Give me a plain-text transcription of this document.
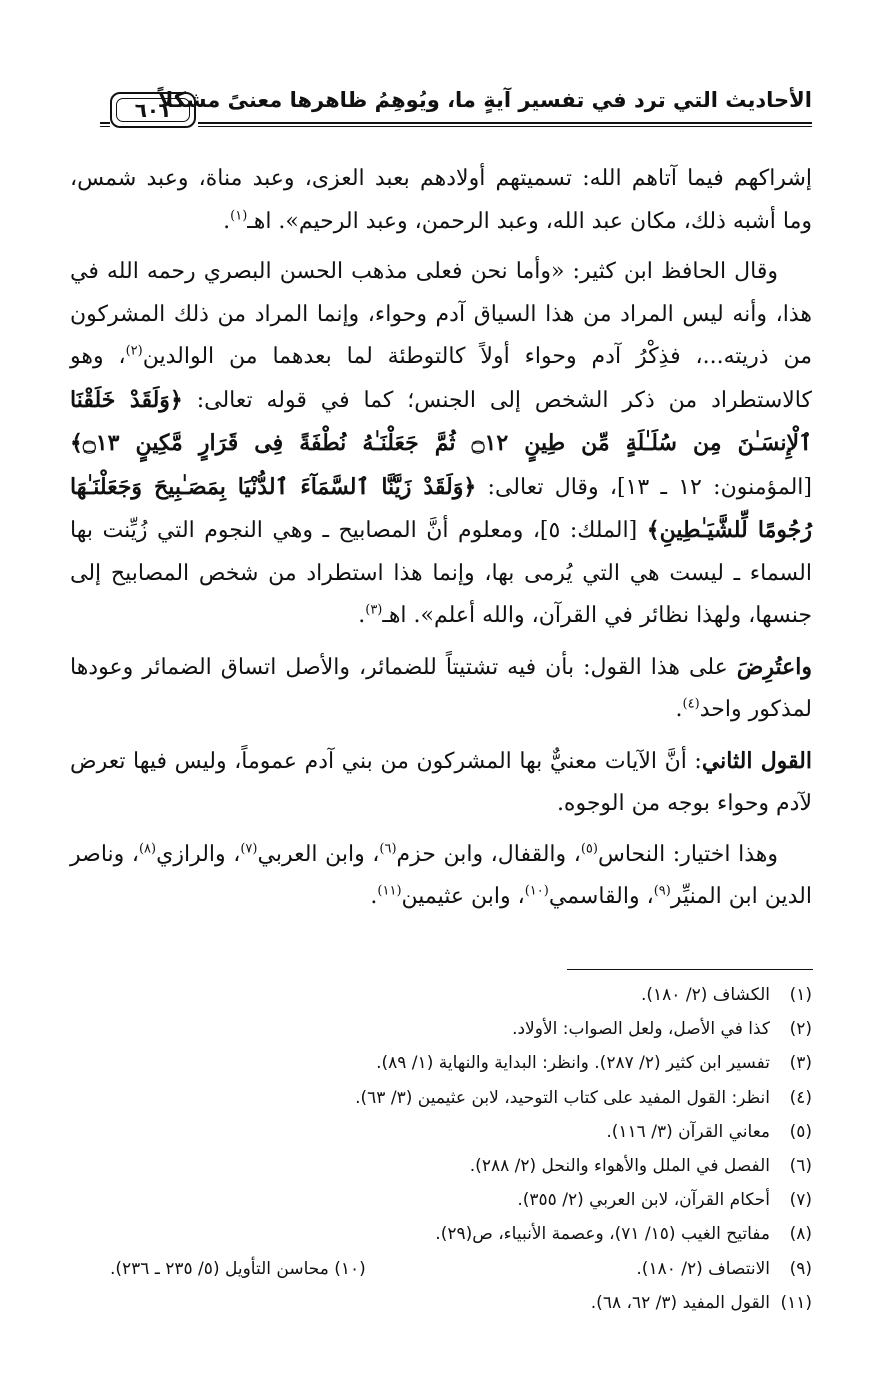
الأحاديث التي ترد في تفسير آيةٍ ما، ويُوهِمُ ظاهرها معنىً مشكلاً
٦٠١

إشراكهم فيما آتاهم الله: تسميتهم أولادهم بعبد العزى، وعبد مناة، وعبد شمس، وما أشبه ذلك، مكان عبد الله، وعبد الرحمن، وعبد الرحيم». اهـ$^{(١)}$.

وقال الحافظ ابن كثير: «وأما نحن فعلى مذهب الحسن البصري رحمه الله في هذا، وأنه ليس المراد من هذا السياق آدم وحواء، وإنما المراد من ذلك المشركون من ذريته...، فذِكْرُ آدم وحواء أولاً كالتوطئة لما بعدهما من الوالدين$^{(٢)}$، وهو كالاستطراد من ذكر الشخص إلى الجنس؛ كما في قوله تعالى: ﴿وَلَقَدْ خَلَقْنَا ٱلْإِنسَـٰنَ مِن سُلَـٰلَةٍ مِّن طِينٍ ۝١٢ ثُمَّ جَعَلْنَـٰهُ نُطْفَةً فِى قَرَارٍ مَّكِينٍ ۝١٣﴾ [المؤمنون: ١٢ ـ ١٣]، وقال تعالى: ﴿وَلَقَدْ زَيَّنَّا ٱلسَّمَآءَ ٱلدُّنْيَا بِمَصَـٰبِيحَ وَجَعَلْنَـٰهَا رُجُومًا لِّلشَّيَـٰطِينِ﴾ [الملك: ٥]، ومعلوم أنَّ المصابيح ـ وهي النجوم التي زُيِّنت بها السماء ـ ليست هي التي يُرمى بها، وإنما هذا استطراد من شخص المصابيح إلى جنسها، ولهذا نظائر في القرآن، والله أعلم». اهـ$^{(٣)}$.

واعتُرِضَ على هذا القول: بأن فيه تشتيتاً للضمائر، والأصل اتساق الضمائر وعودها لمذكور واحد$^{(٤)}$.

القول الثاني: أنَّ الآيات معنيٌّ بها المشركون من بني آدم عموماً، وليس فيها تعرض لآدم وحواء بوجه من الوجوه.

وهذا اختيار: النحاس$^{(٥)}$، والقفال، وابن حزم$^{(٦)}$، وابن العربي$^{(٧)}$، والرازي$^{(٨)}$، وناصر الدين ابن المنيِّر$^{(٩)}$، والقاسمي$^{(١٠)}$، وابن عثيمين$^{(١١)}$.

(١)
الكشاف (٢/ ١٨٠).
(٢)
كذا في الأصل، ولعل الصواب: الأولاد.
(٣)
تفسير ابن كثير (٢/ ٢٨٧). وانظر: البداية والنهاية (١/ ٨٩).
(٤)
انظر: القول المفيد على كتاب التوحيد، لابن عثيمين (٣/ ٦٣).
(٥)
معاني القرآن (٣/ ١١٦).
(٦)
الفصل في الملل والأهواء والنحل (٢/ ٢٨٨).
(٧)
أحكام القرآن، لابن العربي (٢/ ٣٥٥).
(٨)
مفاتيح الغيب (١٥/ ٧١)، وعصمة الأنبياء، ص(٢٩).
(٩)
الانتصاف (٢/ ١٨٠).
(١٠) محاسن التأويل (٥/ ٢٣٥ ـ ٢٣٦).
(١١)
القول المفيد (٣/ ٦٢، ٦٨).
